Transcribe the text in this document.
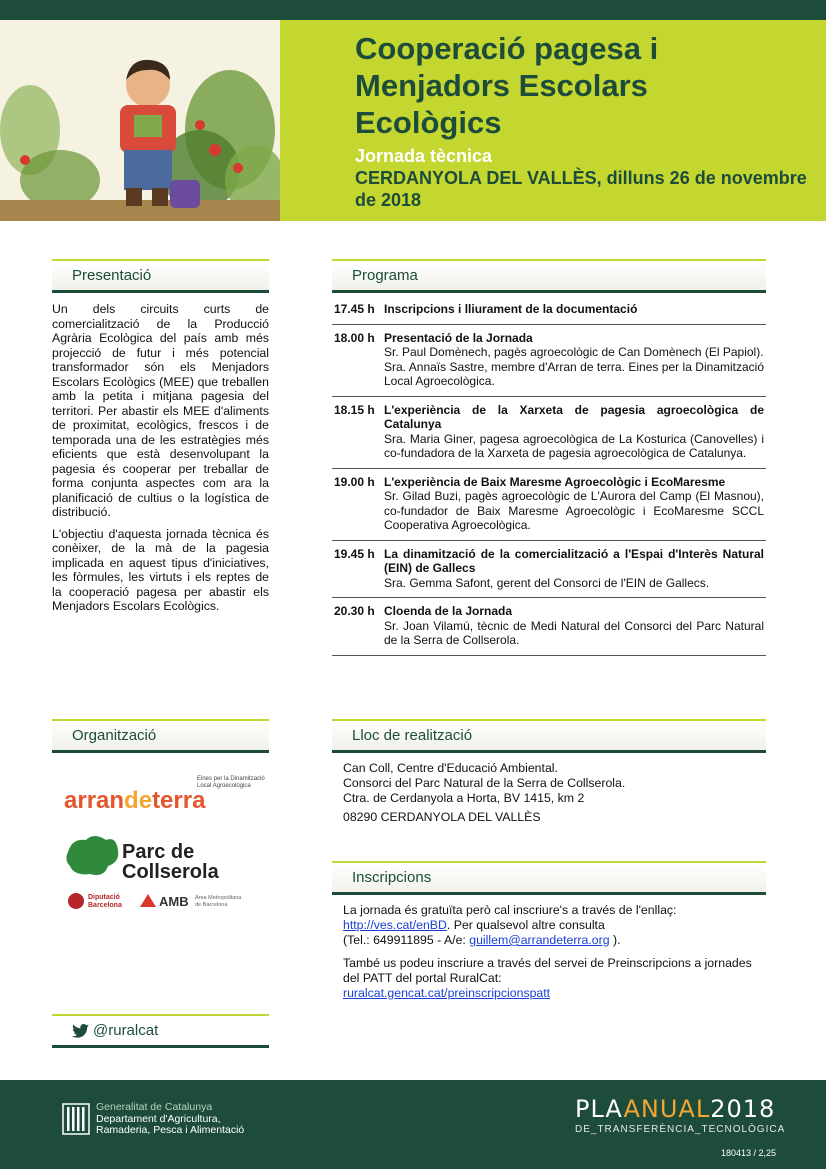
Cooperació pagesa i
Menjadors Escolars
Ecològics
Jornada tècnica
CERDANYOLA DEL VALLÈS, dilluns 26 de novembre de 2018
Presentació

Un dels circuits curts de comercialització de la Producció Agrària Ecològica del país amb més projecció de futur i més potencial transformador són els Menjadors Escolars Ecològics (MEE) que treballen amb la petita i mitjana pagesia del territori. Per abastir els MEE d'aliments de proximitat, ecològics, frescos i de temporada una de les estratègies més eficients que està desenvolupant la pagesia és cooperar per treballar de forma conjunta aspectes com ara la planificació de cultius o la logística de distribució.

L'objectiu d'aquesta jornada tècnica és conèixer, de la mà de la pagesia implicada en aquest tipus d'iniciatives, les fòrmules, les virtuts i els reptes de la cooperació pagesa per abastir els Menjadors Escolars Ecològics.

Programa
17.45 h Inscripcions i lliurament de la documentació
18.00 h Presentació de la Jornada
Sr. Paul Domènech, pagès agroecològic de Can Domènech (El Papiol).
Sra. Annaïs Sastre, membre d'Arran de terra. Eines per la Dinamització Local Agroecològica.
18.15 h L'experiència de la Xarxeta de pagesia agroecològica de Catalunya
Sra. Maria Giner, pagesa agroecològica de La Kosturica (Canovelles) i co-fundadora de la Xarxeta de pagesia agroecològica de Catalunya.
19.00 h L'experiència de Baix Maresme Agroecològic i EcoMaresme
Sr. Gilad Buzi, pagès agroecològic de L'Aurora del Camp (El Masnou), co-fundador de Baix Maresme Agroecològic i EcoMaresme SCCL Cooperativa Agroecològica.
19.45 h La dinamització de la comercialització a l'Espai d'Interès Natural (EIN) de Gallecs
Sra. Gemma Safont, gerent del Consorci de l'EIN de Gallecs.
20.30 h Cloenda de la Jornada
Sr. Joan Vilamú, tècnic de Medi Natural del Consorci del Parc Natural de la Serra de Collserola.
Organització
Eines per la Dinamització
Local Agroecològica
arrandeterra
Parc de
Collserola
Diputació
Barcelona	AMB Àrea Metropolitana
de Barcelona
Lloc de realització
Can Coll, Centre d'Educació Ambiental.
Consorci del Parc Natural de la Serra de Collserola.
Ctra. de Cerdanyola a Horta, BV 1415, km 2
08290 CERDANYOLA DEL VALLÈS
Inscripcions

La jornada és gratuïta però cal inscriure's a través de l'enllaç:
http://ves.cat/enBD. Per qualsevol altre consulta
(Tel.: 649911895 - A/e: guillem@arrandeterra.org ).

També us podeu inscriure a través del servei de Preinscripcions a jornades del PATT del portal RuralCat:
ruralcat.gencat.cat/preinscripcionspatt

@ruralcat
Generalitat de Catalunya
Departament d'Agricultura,
Ramaderia, Pesca i Alimentació
PLAANUAL2018
DE_TRANSFERÈNCIA_TECNOLÒGICA
180413 / 2,25
